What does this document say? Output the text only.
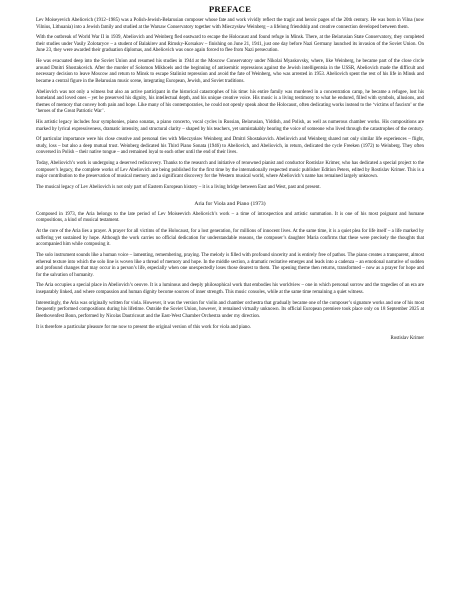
PREFACE

Lev Moiseyevich Abeliovich (1912–1985) was a Polish-Jewish-Belarusian composer whose fate and work vividly reflect the tragic and heroic pages of the 20th century. He was born in Vilna (now Vilnius, Lithuania) into a Jewish family and studied at the Warsaw Conservatory together with Mieczysław Weinberg – a lifelong friendship and creative connection developed between them.

With the outbreak of World War II in 1939, Abeliovich and Weinberg fled eastward to escape the Holocaust and found refuge in Minsk. There, at the Belarusian State Conservatory, they completed their studies under Vasily Zolotaryov – a student of Balakirev and Rimsky-Korsakov – finishing on June 21, 1941, just one day before Nazi Germany launched its invasion of the Soviet Union. On June 23, they were awarded their graduation diplomas, and Abeliovich was once again forced to flee from Nazi persecution.

He was evacuated deep into the Soviet Union and resumed his studies in 1944 at the Moscow Conservatory under Nikolai Myaskovsky, where, like Weinberg, he became part of the close circle around Dmitri Shostakovich. After the murder of Solomon Mikhoels and the beginning of antisemitic repressions against the Jewish intelligentsia in the USSR, Abeliovich made the difficult and necessary decision to leave Moscow and return to Minsk to escape Stalinist repression and avoid the fate of Weinberg, who was arrested in 1953. Abeliovich spent the rest of his life in Minsk and became a central figure in the Belarusian music scene, integrating European, Jewish, and Soviet traditions.

Abeliovich was not only a witness but also an active participant in the historical catastrophes of his time: his entire family was murdered in a concentration camp, he became a refugee, lost his homeland and loved ones – yet he preserved his dignity, his intellectual depth, and his unique creative voice. His music is a living testimony to what he endured, filled with symbols, allusions, and themes of memory that convey both pain and hope. Like many of his contemporaries, he could not openly speak about the Holocaust, often dedicating works instead to the ‘victims of fascism’ or the ‘heroes of the Great Patriotic War’.

His artistic legacy includes four symphonies, piano sonatas, a piano concerto, vocal cycles in Russian, Belarusian, Yiddish, and Polish, as well as numerous chamber works. His compositions are marked by lyrical expressiveness, dramatic intensity, and structural clarity – shaped by his teachers, yet unmistakably bearing the voice of someone who lived through the catastrophes of the century.

Of particular importance were his close creative and personal ties with Mieczysław Weinberg and Dmitri Shostakovich. Abeliovich and Weinberg shared not only similar life experiences – flight, study, loss – but also a deep mutual trust. Weinberg dedicated his Third Piano Sonata (1946) to Abeliovich, and Abeliovich, in return, dedicated the cycle Freeken (1972) to Weinberg. They often conversed in Polish – their native tongue – and remained loyal to each other until the end of their lives.

Today, Abeliovich’s work is undergoing a deserved rediscovery. Thanks to the research and initiative of renowned pianist and conductor Rostislav Krimer, who has dedicated a special project to the composer’s legacy, the complete works of Lev Abeliovich are being published for the first time by the internationally respected music publisher Edition Peters, edited by Rostislav Krimer. This is a major contribution to the preservation of musical memory and a significant discovery for the Western musical world, where Abeliovich’s name has remained largely unknown.

The musical legacy of Lev Abeliovich is not only part of Eastern European history – it is a living bridge between East and West, past and present.

Aria for Viola and Piano (1973)

Composed in 1973, the Aria belongs to the late period of Lev Moiseevich Abeliovich’s work – a time of introspection and artistic summation. It is one of his most poignant and humane compositions, a kind of musical testament.

At the core of the Aria lies a prayer. A prayer for all victims of the Holocaust, for a lost generation, for millions of innocent lives. At the same time, it is a quiet plea for life itself – a life marked by suffering yet sustained by hope. Although the work carries no official dedication for understandable reasons, the composer’s daughter Maria confirms that these were precisely the thoughts that accompanied him while composing it.

The solo instrument sounds like a human voice – lamenting, remembering, praying. The melody is filled with profound sincerity and is entirely free of pathos. The piano creates a transparent, almost ethereal texture into which the solo line is woven like a thread of memory and hope. In the middle section, a dramatic recitative emerges and leads into a cadenza – an emotional narrative of sudden and profound changes that may occur in a person’s life, especially when one unexpectedly loses those dearest to them. The opening theme then returns, transformed – now as a prayer for hope and for the salvation of humanity.

The Aria occupies a special place in Abeliovich’s oeuvre. It is a luminous and deeply philosophical work that embodies his worldview – one in which personal sorrow and the tragedies of an era are inseparably linked, and where compassion and human dignity become sources of inner strength. This music consoles, while at the same time remaining a quiet witness.

Interestingly, the Aria was originally written for viola. However, it was the version for violin and chamber orchestra that gradually became one of the composer’s signature works and one of his most frequently performed compositions during his lifetime. Outside the Soviet Union, however, it remained virtually unknown. Its official European premiere took place only on 18 September 2025 at Beethovenfest Bonn, performed by Nicolas Dautricourt and the East-West Chamber Orchestra under my direction.

It is therefore a particular pleasure for me now to present the original version of this work for viola and piano.

Rostislav Krimer
